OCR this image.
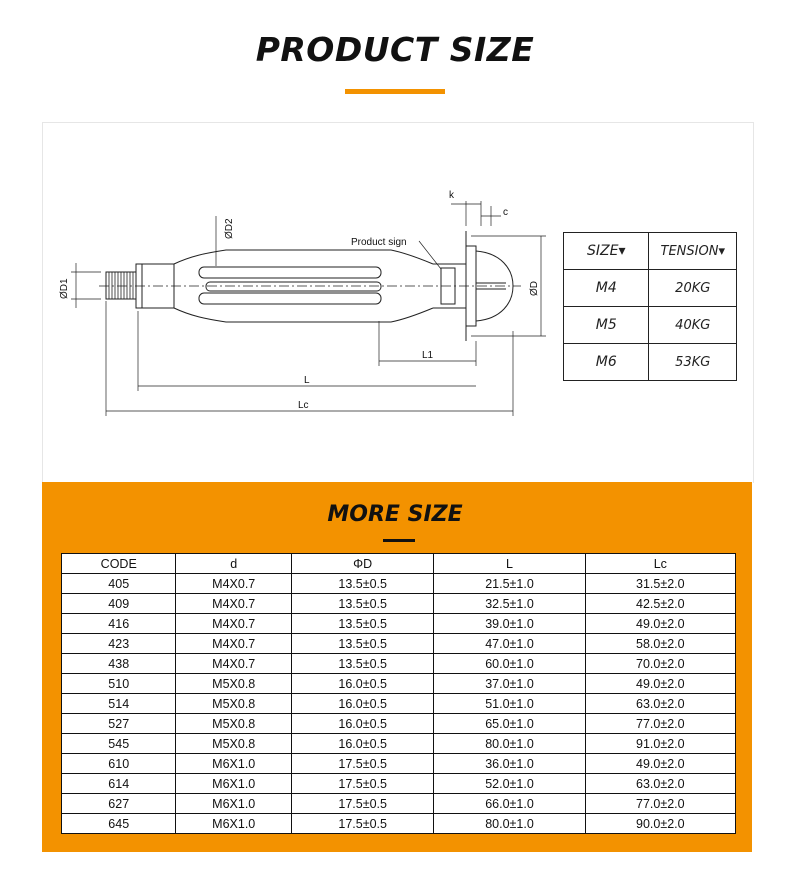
PRODUCT SIZE
k
c
ØD2
ØD1	ØD
Product sign
L1
L
Lc
SIZE▾	TENSION▾
M4	20KG
M5	40KG
M6	53KG
MORE SIZE
CODE	d	ΦD	L	Lc
405	M4X0.7	13.5±0.5	21.5±1.0	31.5±2.0
409	M4X0.7	13.5±0.5	32.5±1.0	42.5±2.0
416	M4X0.7	13.5±0.5	39.0±1.0	49.0±2.0
423	M4X0.7	13.5±0.5	47.0±1.0	58.0±2.0
438	M4X0.7	13.5±0.5	60.0±1.0	70.0±2.0
510	M5X0.8	16.0±0.5	37.0±1.0	49.0±2.0
514	M5X0.8	16.0±0.5	51.0±1.0	63.0±2.0
527	M5X0.8	16.0±0.5	65.0±1.0	77.0±2.0
545	M5X0.8	16.0±0.5	80.0±1.0	91.0±2.0
610	M6X1.0	17.5±0.5	36.0±1.0	49.0±2.0
614	M6X1.0	17.5±0.5	52.0±1.0	63.0±2.0
627	M6X1.0	17.5±0.5	66.0±1.0	77.0±2.0
645	M6X1.0	17.5±0.5	80.0±1.0	90.0±2.0
